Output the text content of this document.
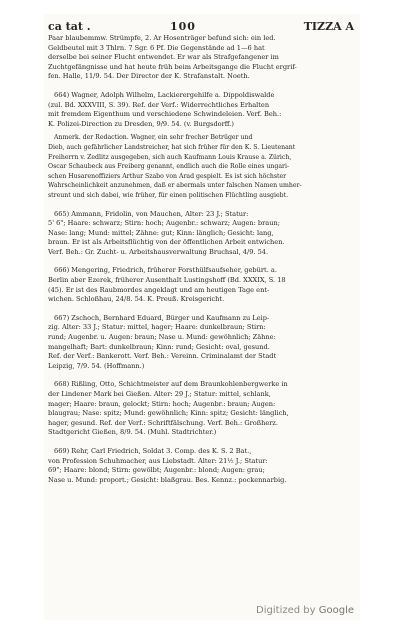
ca tat .	100	TIZZA A
Paar blaubemmw. Strümpfe, 2. Ar Hosenträger befund sich: ein led.
Geldbeutel mit 3 Thlrn. 7 Sgr. 6 Pf. Die Gegenstände ad 1—6 hat
derselbe bei seiner Flucht entwendet. Er war als Strafgefangener im
Zuchtgefängnisse und hat heute früh beim Arbeitsgange die Flucht ergrif-
fen. Halle, 11/9. 54. Der Director der K. Strafanstalt. Noeth.
664) Wagner, Adolph Wilhelm, Lackierergehilfe a. Dippoldiswalde
(zul. Bd. XXXVIII, S. 39). Ref. der Verf.: Widerrechtliches Erhalten
mit fremdem Eigenthum und verschiedene Schwindeleien. Verf. Beh.:
K. Polizei-Direction zu Dresden, 9/9. 54. (v. Burgsdorff.)
Anmerk. der Redaction. Wagner, ein sehr frecher Betrüger und
Dieb, auch gefährlicher Landstreicher, hat sich früher für den K. S. Lieutenant
Freiherrn v. Zedlitz ausgegeben, sich auch Kaufmann Louis Krause a. Zürich,
Oscar Schaubeck aus Freiberg genannt, endlich auch die Rolle eines ungari-
schen Husarenoffiziers Arthur Szabo von Arad gespielt. Es ist sich höchster
Wahrscheinlichkeit anzunehmen, daß er abermals unter falschen Namen umher-
streunt und sich dabei, wie früher, für einen politischen Flüchtling ausgiebt.
665) Ammann, Fridolin, von Mauchen, Alter: 23 J.; Statur:
5' 6"; Haare: schwarz; Stirn: hoch; Augenbr.: schwarz; Augen: braun;
Nase: lang; Mund: mittel; Zähne: gut; Kinn: länglich; Gesicht: lang,
braun. Er ist als Arbeitsflüchtig von der öffentlichen Arbeit entwichen.
Verf. Beh.: Gr. Zucht- u. Arbeitshausverwaltung Bruchsal, 4/9. 54.
666) Mengering, Friedrich, früherer Forsthülfsaufseher, gebürt. a.
Berlin aber Ezerek, früherer Ausenthalt Lustingshoff (Bd. XXXIX, S. 18
(45). Er ist des Raubmordes angeklagt und am heutigen Tage ent-
wichen. Schloßhau, 24/8. 54. K. Preuß. Kreisgericht.
667) Zschoch, Bernhard Eduard, Bürger und Kaufmann zu Leip-
zig. Alter: 33 J.; Statur: mittel, hager; Haare: dunkelbraun; Stirn:
rund; Augenbr. u. Augen: braun; Nase u. Mund: gewöhnlich; Zähne:
mangelhaft; Bart: dunkelbraun; Kinn: rund; Gesicht: oval, gesund.
Ref. der Verf.: Bankerott. Verf. Beh.: Vereinn. Criminalamt der Stadt
Leipzig, 7/9. 54. (Hoffmann.)
668) Rißling, Otto, Schichtmeister auf dem Braunkohlenbergwerke in
der Lindener Mark bei Gießen. Alter: 29 J.; Statur: mittel, schlank,
mager; Haare: braun, gelockt; Stirn: hoch; Augenbr.: braun; Augen:
blaugrau; Nase: spitz; Mund: gewöhnlich; Kinn: spitz; Gesicht: länglich,
hager, gesund. Ref. der Verf.: Schriftfälschung. Verf. Beh.: Großherz.
Stadtgericht Gießen, 8/9. 54. (Muhl. Stadtrichter.)
669) Rehr, Carl Friedrich, Soldat 3. Comp. des K. S. 2 Bat.,
von Profession Schuhmacher, aus Liebstadt. Alter: 21½ J.; Statur:
69"; Haare: blond; Stirn: gewölbt; Augenbr.: blond; Augen: grau;
Nase u. Mund: proport.; Gesicht: blaßgrau. Bes. Kennz.: pockennarbig.
Digitized by Google
